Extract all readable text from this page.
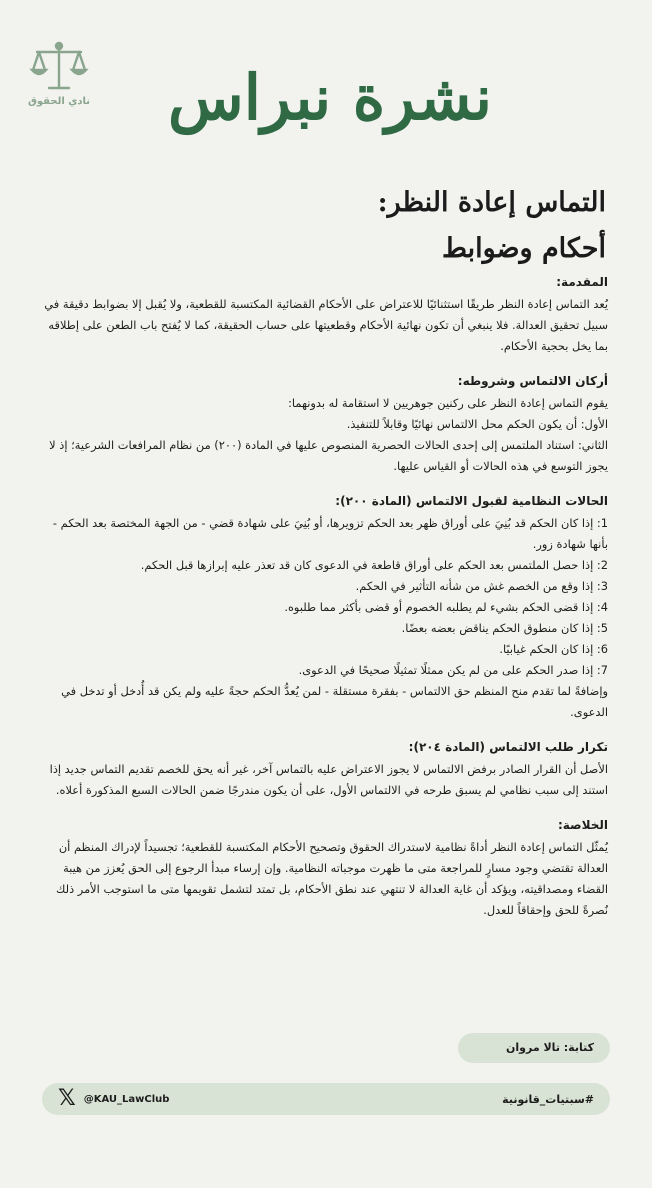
نادي الحقوق	نشرة نبراس
التماس إعادة النظر:
أحكام وضوابط
المقدمة:

يُعد التماس إعادة النظر طريقًا استثنائيًا للاعتراض على الأحكام القضائية المكتسبة للقطعية، ولا يُقبل إلا بضوابط دقيقة في سبيل تحقيق العدالة. فلا ينبغي أن تكون نهائية الأحكام وقطعيتها على حساب الحقيقة، كما لا يُفتح باب الطعن على إطلاقه بما يخل بحجية الأحكام.

أركان الالتماس وشروطه:

يقوم التماس إعادة النظر على ركنين جوهريين لا استقامة له بدونهما:

الأول: أن يكون الحكم محل الالتماس نهائيًا وقابلاً للتنفيذ.

الثاني: استناد الملتمس إلى إحدى الحالات الحصرية المنصوص عليها في المادة (٢٠٠) من نظام المرافعات الشرعية؛ إذ لا يجوز التوسع في هذه الحالات أو القياس عليها.

الحالات النظامية لقبول الالتماس (المادة ٢٠٠):

1: إذا كان الحكم قد بُنِيَ على أوراق ظهر بعد الحكم تزويرها، أو بُنِيَ على شهادة قضي - من الجهة المختصة بعد الحكم - بأنها شهادة زور.

2: إذا حصل الملتمس بعد الحكم على أوراق قاطعة في الدعوى كان قد تعذر عليه إبرازها قبل الحكم.

3: إذا وقع من الخصم غش من شأنه التأثير في الحكم.

4: إذا قضى الحكم بشيء لم يطلبه الخصوم أو قضى بأكثر مما طلبوه.

5: إذا كان منطوق الحكم يناقض بعضه بعضًا.

6: إذا كان الحكم غيابيًا.

7: إذا صدر الحكم على من لم يكن ممثلًا تمثيلًا صحيحًا في الدعوى.

وإضافةً لما تقدم منح المنظم حق الالتماس - بفقرة مستقلة - لمن يُعدُّ الحكم حجةً عليه ولم يكن قد أُدخل أو تدخل في الدعوى.

تكرار طلب الالتماس (المادة ٢٠٤):

الأصل أن القرار الصادر برفض الالتماس لا يجوز الاعتراض عليه بالتماس آخر، غير أنه يحق للخصم تقديم التماس جديد إذا استند إلى سبب نظامي لم يسبق طرحه في الالتماس الأول، على أن يكون مندرجًا ضمن الحالات السبع المذكورة أعلاه.

الخلاصة:

يُمثّل التماس إعادة النظر أداةً نظامية لاستدراك الحقوق وتصحيح الأحكام المكتسبة للقطعية؛ تجسيداً لإدراك المنظم أن العدالة تقتضي وجود مسارٍ للمراجعة متى ما ظهرت موجباته النظامية. وإن إرساء مبدأ الرجوع إلى الحق يُعزز من هيبة القضاء ومصداقيته، ويؤكد أن غاية العدالة لا تنتهي عند نطق الأحكام، بل تمتد لتشمل تقويمها متى ما استوجب الأمر ذلك نُصرةً للحق وإحقاقاً للعدل.

كتابة: تالا مروان
#سبتيات_قانونية
𝕏 @KAU_LawClub
